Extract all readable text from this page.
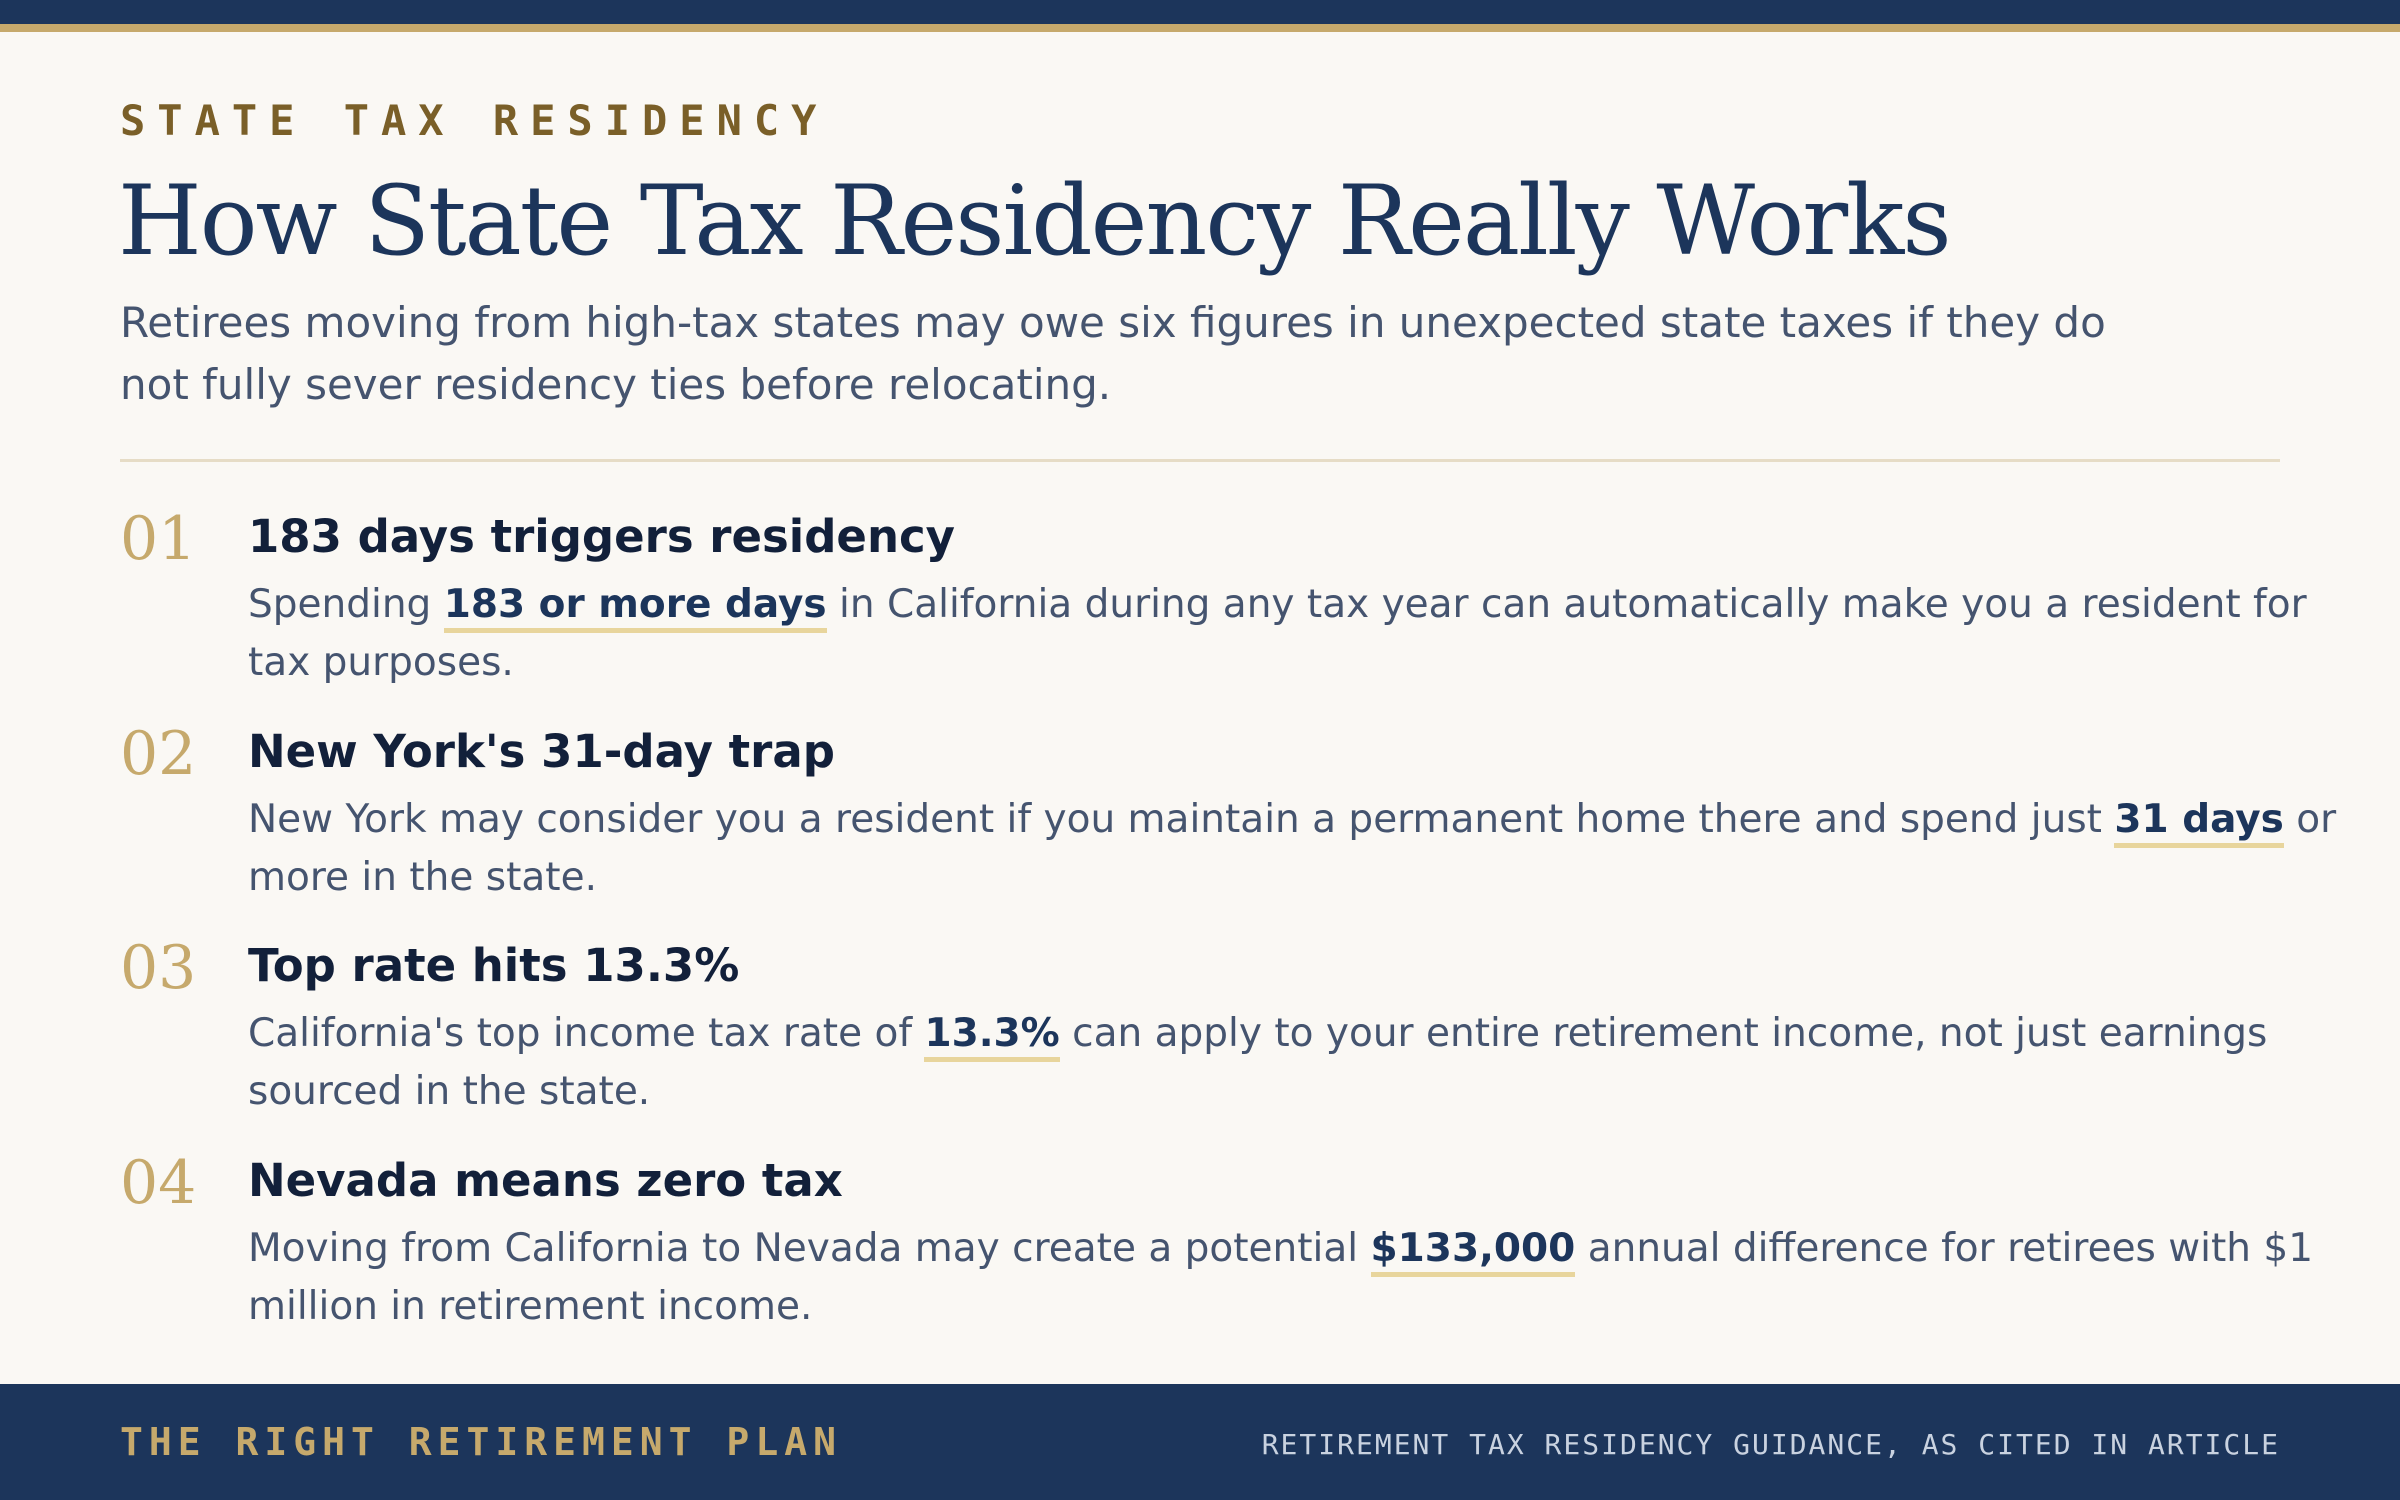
STATE TAX RESIDENCY
How State Tax Residency Really Works
Retirees moving from high-tax states may owe six figures in unexpected state taxes if they do not fully sever residency ties before relocating.
01 183 days triggers residency
Spending 183 or more days in California during any tax year can automatically make you a resident for tax purposes.
02 New York's 31-day trap
New York may consider you a resident if you maintain a permanent home there and spend just 31 days or more in the state.
03 Top rate hits 13.3%
California's top income tax rate of 13.3% can apply to your entire retirement income, not just earnings sourced in the state.
04 Nevada means zero tax
Moving from California to Nevada may create a potential $133,000 annual difference for retirees with $1 million in retirement income.
THE RIGHT RETIREMENT PLAN	RETIREMENT TAX RESIDENCY GUIDANCE, AS CITED IN ARTICLE
